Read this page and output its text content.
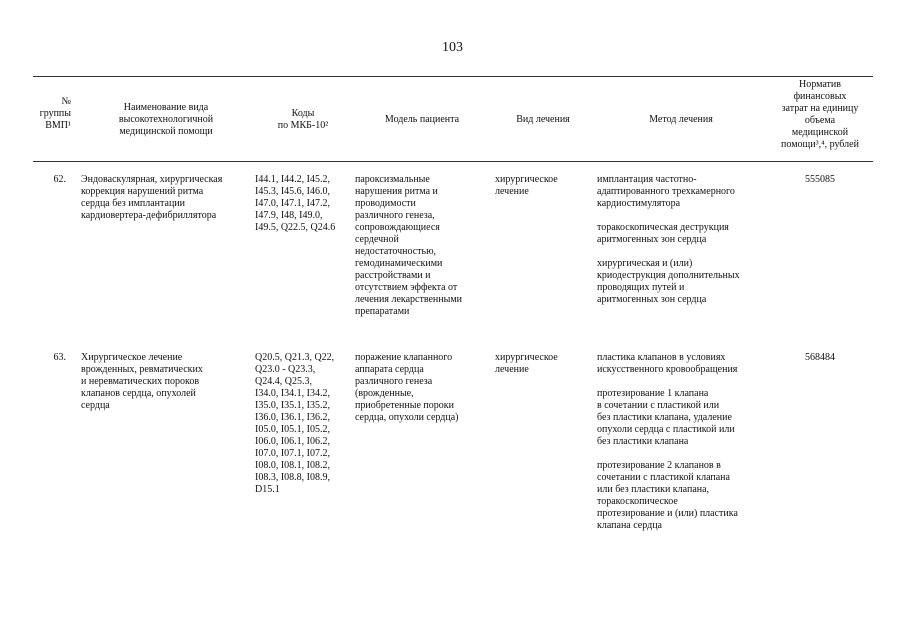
103
№
группы
ВМП¹
Наименование вида
высокотехнологичной
медицинской помощи
Коды
по МКБ-10²
Модель пациента	Вид лечения	Метод лечения
Норматив
финансовых
затрат на единицу
объема
медицинской
помощи³,⁴, рублей
62. Эндоваскулярная, хирургическая
коррекция нарушений ритма
сердца без имплантации
кардиовертера-дефибриллятора
I44.1, I44.2, I45.2,
I45.3, I45.6, I46.0,
I47.0, I47.1, I47.2,
I47.9, I48, I49.0,
I49.5, Q22.5, Q24.6
пароксизмальные
нарушения ритма и
проводимости
различного генеза,
сопровождающиеся
сердечной
недостаточностью,
гемодинамическими
расстройствами и
отсутствием эффекта от
лечения лекарственными
препаратами
хирургическое
лечение
имплантация частотно-
адаптированного трехкамерного
кардиостимулятора
торакоскопическая деструкция
аритмогенных зон сердца
хирургическая и (или)
криодеструкция дополнительных
проводящих путей и
аритмогенных зон сердца
555085
63. Хирургическое лечение
врожденных, ревматических
и неревматических пороков
клапанов сердца, опухолей
сердца
Q20.5, Q21.3, Q22,
Q23.0 - Q23.3,
Q24.4, Q25.3,
I34.0, I34.1, I34.2,
I35.0, I35.1, I35.2,
I36.0, I36.1, I36.2,
I05.0, I05.1, I05.2,
I06.0, I06.1, I06.2,
I07.0, I07.1, I07.2,
I08.0, I08.1, I08.2,
I08.3, I08.8, I08.9,
D15.1
поражение клапанного
аппарата сердца
различного генеза
(врожденные,
приобретенные пороки
сердца, опухоли сердца)
хирургическое
лечение
пластика клапанов в условиях
искусственного кровообращения
протезирование 1 клапана
в сочетании с пластикой или
без пластики клапана, удаление
опухоли сердца с пластикой или
без пластики клапана
протезирование 2 клапанов в
сочетании с пластикой клапана
или без пластики клапана,
торакоскопическое
протезирование и (или) пластика
клапана сердца
568484
